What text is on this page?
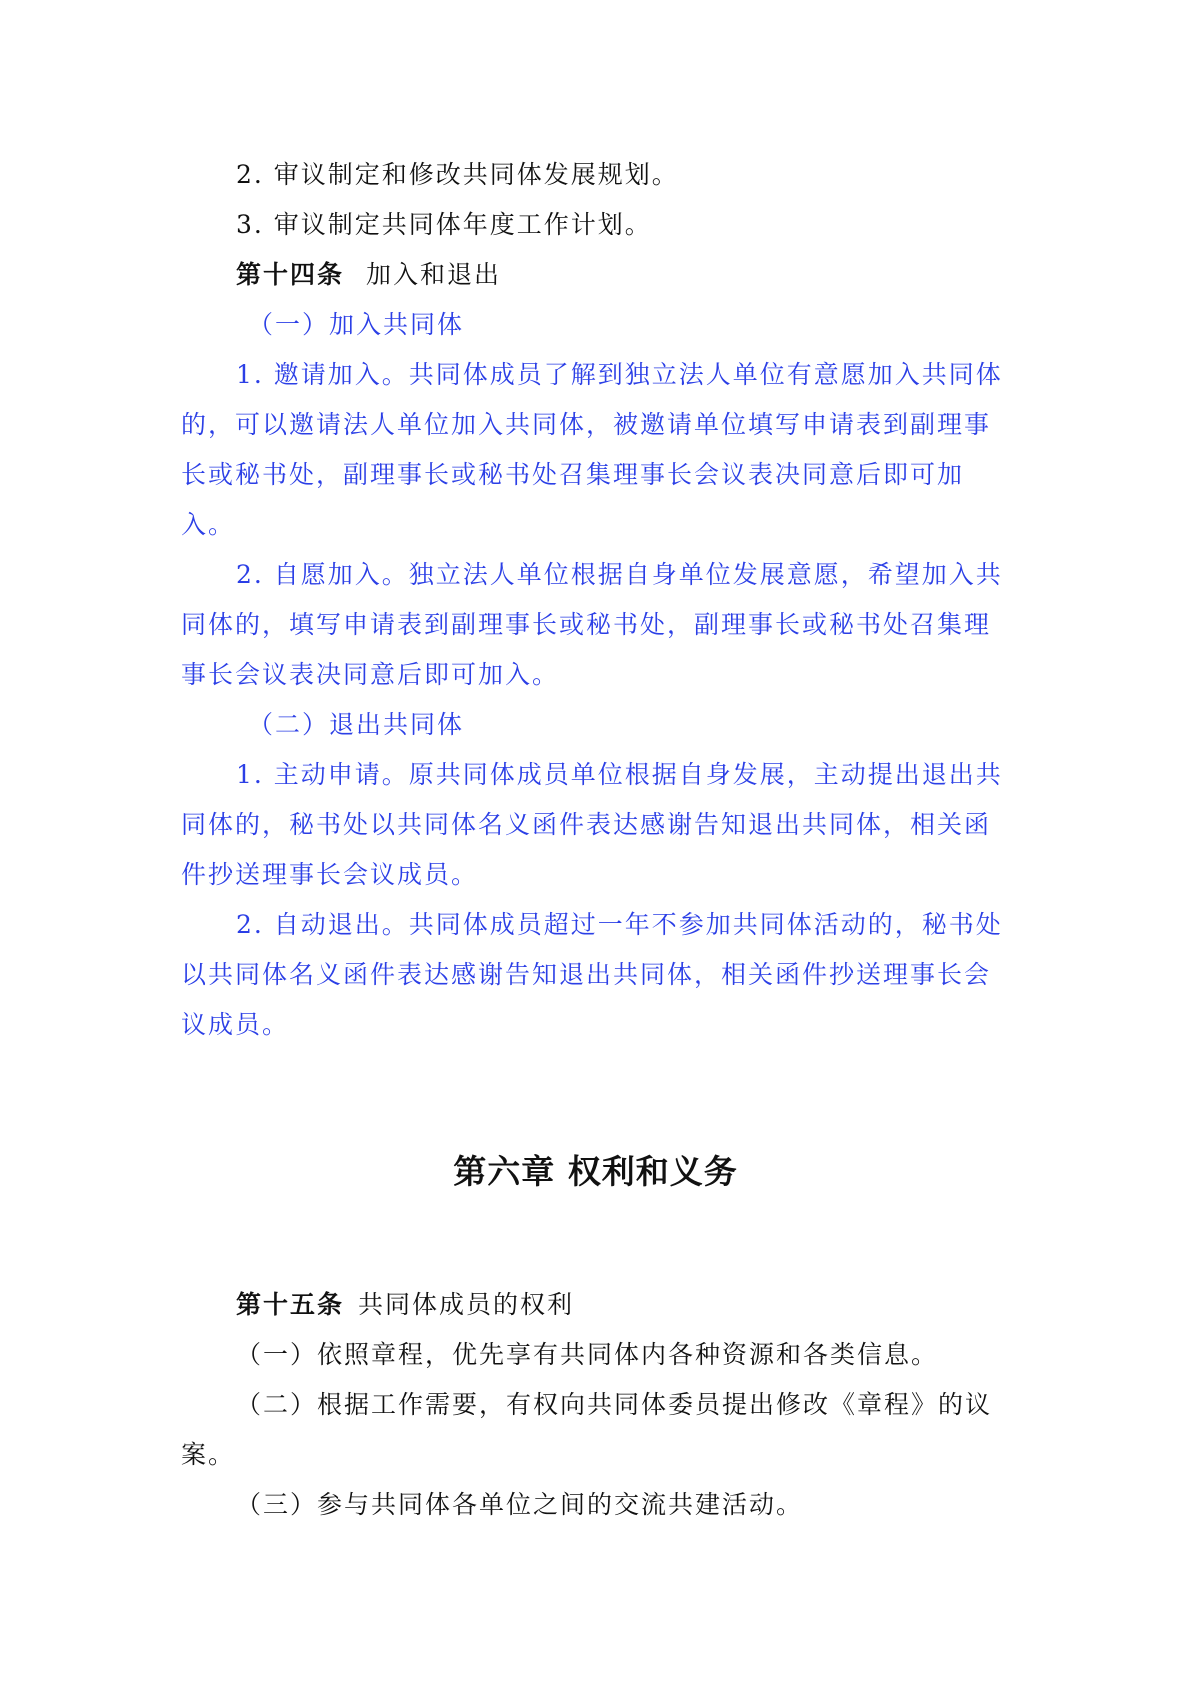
2. 审议制定和修改共同体发展规划。
3. 审议制定共同体年度工作计划。
第十四条 加入和退出
（一）加入共同体
1. 邀请加入。共同体成员了解到独立法人单位有意愿加入共同体
的，可以邀请法人单位加入共同体，被邀请单位填写申请表到副理事
长或秘书处，副理事长或秘书处召集理事长会议表决同意后即可加
入。
2. 自愿加入。独立法人单位根据自身单位发展意愿，希望加入共
同体的，填写申请表到副理事长或秘书处，副理事长或秘书处召集理
事长会议表决同意后即可加入。
（二）退出共同体
1. 主动申请。原共同体成员单位根据自身发展，主动提出退出共
同体的，秘书处以共同体名义函件表达感谢告知退出共同体，相关函
件抄送理事长会议成员。
2. 自动退出。共同体成员超过一年不参加共同体活动的，秘书处
以共同体名义函件表达感谢告知退出共同体，相关函件抄送理事长会
议成员。
第六章 权利和义务
第十五条 共同体成员的权利
（一）依照章程，优先享有共同体内各种资源和各类信息。
（二）根据工作需要，有权向共同体委员提出修改《章程》的议
案。
（三）参与共同体各单位之间的交流共建活动。
